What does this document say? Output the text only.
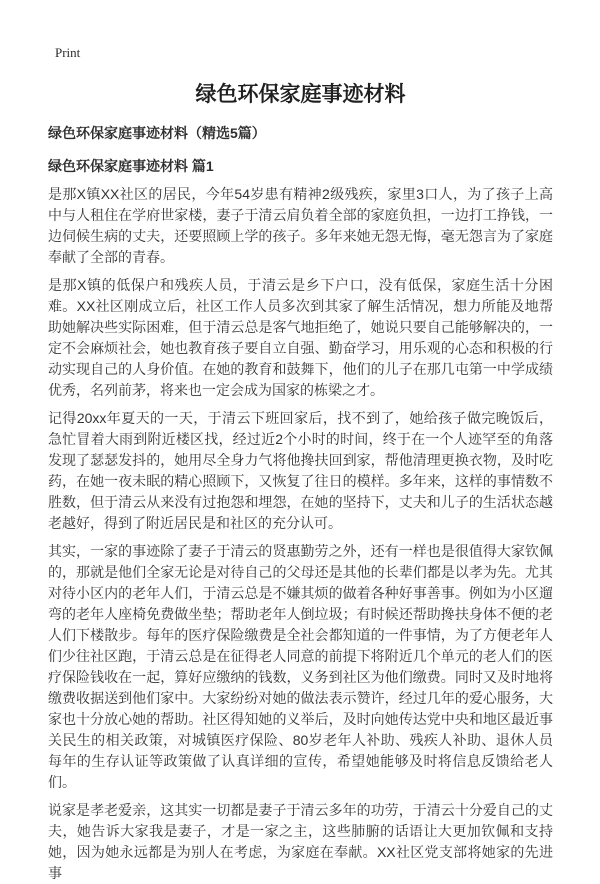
Print
绿色环保家庭事迹材料
绿色环保家庭事迹材料（精选5篇）
绿色环保家庭事迹材料 篇1

是那X镇XX社区的居民，今年54岁患有精神2级残疾，家里3口人，为了孩子上高中与人租住在学府世家楼，妻子于清云肩负着全部的家庭负担，一边打工挣钱，一边伺候生病的丈夫，还要照顾上学的孩子。多年来她无怨无悔，毫无怨言为了家庭奉献了全部的青春。

是那X镇的低保户和残疾人员，于清云是乡下户口，没有低保，家庭生活十分困难。XX社区刚成立后，社区工作人员多次到其家了解生活情况，想力所能及地帮助她解决些实际困难，但于清云总是客气地拒绝了，她说只要自己能够解决的，一定不会麻烦社会，她也教育孩子要自立自强、勤奋学习，用乐观的心态和积极的行动实现自己的人身价值。在她的教育和鼓舞下，他们的儿子在那几屯第一中学成绩优秀，名列前茅，将来也一定会成为国家的栋梁之才。

记得20xx年夏天的一天，于清云下班回家后，找不到了，她给孩子做完晚饭后，急忙冒着大雨到附近楼区找，经过近2个小时的时间，终于在一个人迹罕至的角落发现了瑟瑟发抖的，她用尽全身力气将他搀扶回到家，帮他清理更换衣物，及时吃药，在她一夜未眠的精心照顾下，又恢复了往日的模样。多年来，这样的事情数不胜数，但于清云从来没有过抱怨和埋怨，在她的坚持下，丈夫和儿子的生活状态越老越好，得到了附近居民是和社区的充分认可。

其实，一家的事迹除了妻子于清云的贤惠勤劳之外，还有一样也是很值得大家钦佩的，那就是他们全家无论是对待自己的父母还是其他的长辈们都是以孝为先。尤其对待小区内的老年人们，于清云总是不嫌其烦的做着各种好事善事。例如为小区遛弯的老年人座椅免费做坐垫；帮助老年人倒垃圾；有时候还帮助搀扶身体不便的老人们下楼散步。每年的医疗保险缴费是全社会都知道的一件事情，为了方便老年人们少往社区跑，于清云总是在征得老人同意的前提下将附近几个单元的老人们的医疗保险钱收在一起，算好应缴纳的钱数，义务到社区为他们缴费。同时又及时地将缴费收据送到他们家中。大家纷纷对她的做法表示赞许，经过几年的爱心服务，大家也十分放心她的帮助。社区得知她的义举后，及时向她传达党中央和地区最近事关民生的相关政策，对城镇医疗保险、80岁老年人补助、残疾人补助、退休人员每年的生存认证等政策做了认真详细的宣传，希望她能够及时将信息反馈给老人们。

说家是孝老爱亲，这其实一切都是妻子于清云多年的功劳，于清云十分爱自己的丈夫，她告诉大家我是妻子，才是一家之主，这些肺腑的话语让大更加钦佩和支持她，因为她永远都是为别人在考虑，为家庭在奉献。XX社区党支部将她家的先进事
